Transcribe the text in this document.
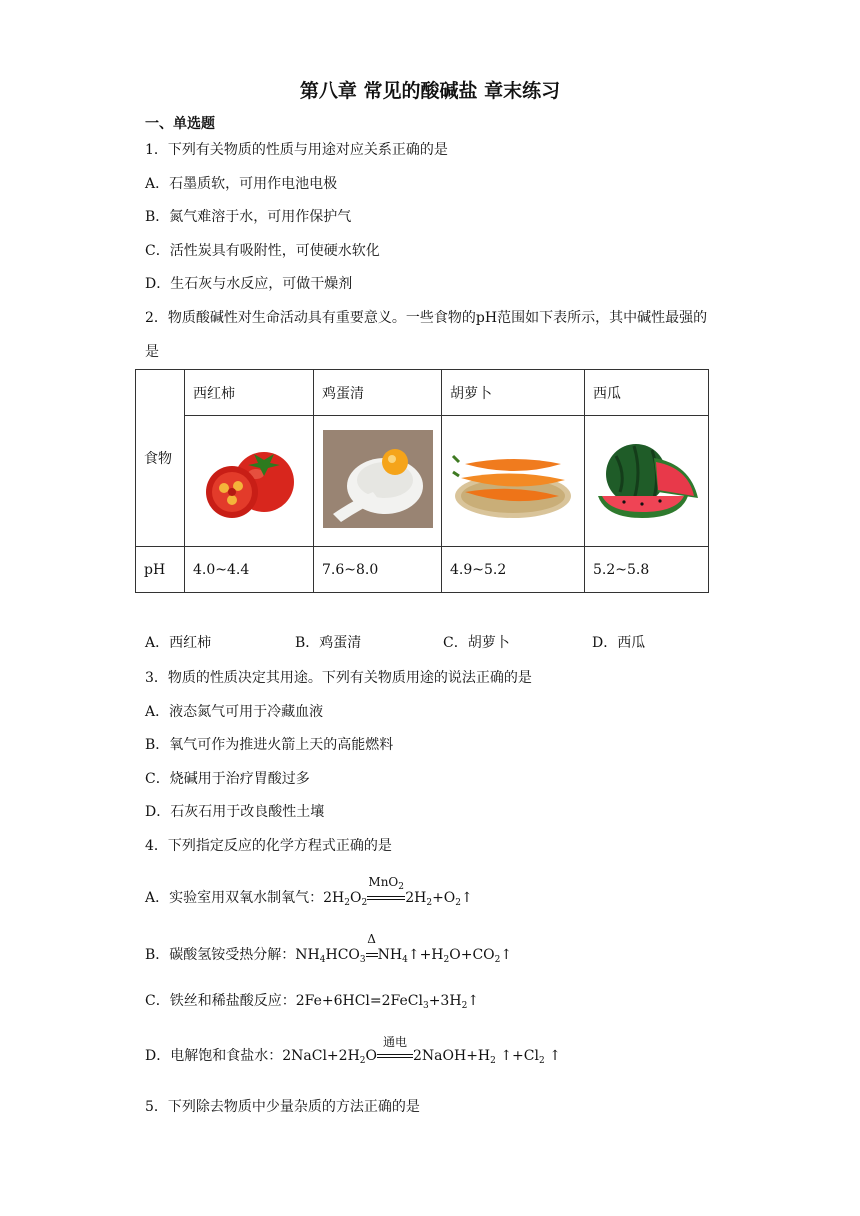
第八章 常见的酸碱盐 章末练习
一、单选题
1．下列有关物质的性质与用途对应关系正确的是
A．石墨质软，可用作电池电极
B．氮气难溶于水，可用作保护气
C．活性炭具有吸附性，可使硬水软化
D．生石灰与水反应，可做干燥剂
2．物质酸碱性对生命活动具有重要意义。一些食物的pH范围如下表所示，其中碱性最强的是
食物	西红柿	鸡蛋清	胡萝卜	西瓜

pH	4.0~4.4	7.6~8.0	4.9~5.2	5.2~5.8
A．西红柿	B．鸡蛋清	C．胡萝卜	D．西瓜
3．物质的性质决定其用途。下列有关物质用途的说法正确的是
A．液态氮气可用于冷藏血液
B．氧气可作为推进火箭上天的高能燃料
C．烧碱用于治疗胃酸过多
D．石灰石用于改良酸性土壤
4．下列指定反应的化学方程式正确的是
A．实验室用双氧水制氧气：$2H_2O_2$
MnO$_2$
$2H_2+O_2↑$
B．碳酸氢铵受热分解：$NH_4HCO_3$
Δ
$NH_4↑+H_2O+CO_2↑$
C．铁丝和稀盐酸反应：$2Fe+6HCl=2FeCl_3+3H_2↑$
D．电解饱和食盐水：$2NaCl+2H_2O$
通电
$2NaOH+H_2$ $↑+Cl_2$ ↑
5．下列除去物质中少量杂质的方法正确的是
